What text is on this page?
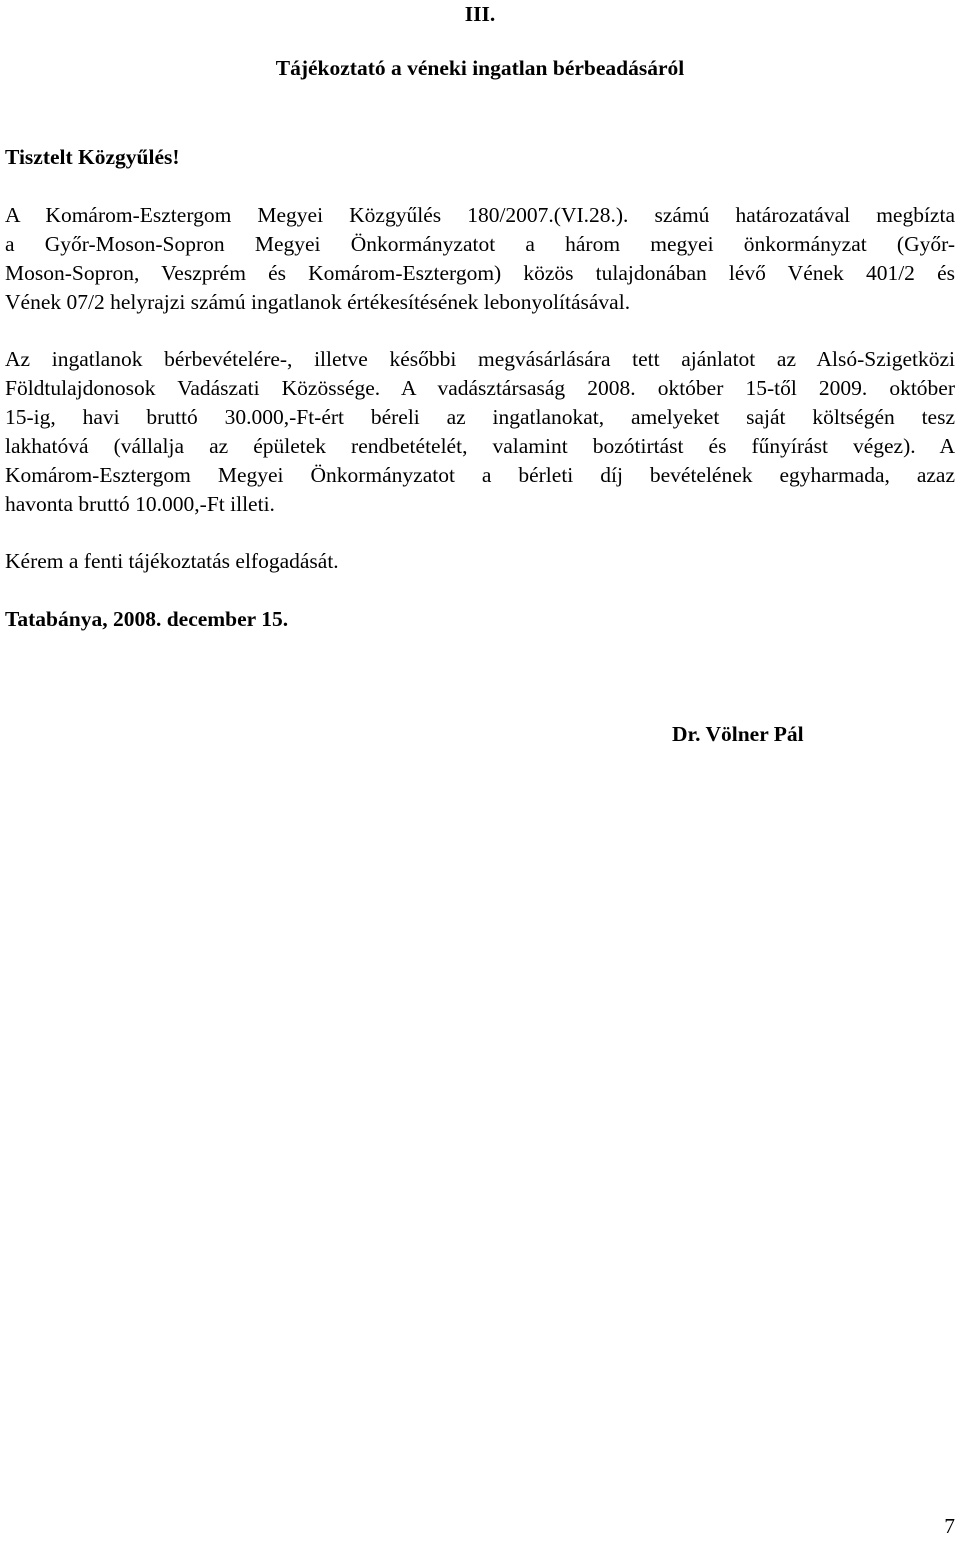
III.
Tájékoztató a véneki ingatlan bérbeadásáról
Tisztelt Közgyűlés!
A Komárom-Esztergom Megyei Közgyűlés 180/2007.(VI.28.). számú határozatával megbízta
a Győr-Moson-Sopron Megyei Önkormányzatot a három megyei önkormányzat (Győr-
Moson-Sopron, Veszprém és Komárom-Esztergom) közös tulajdonában lévő Vének 401/2 és
Vének 07/2 helyrajzi számú ingatlanok értékesítésének lebonyolításával.
Az ingatlanok bérbevételére-, illetve későbbi megvásárlására tett ajánlatot az Alsó-Szigetközi
Földtulajdonosok Vadászati Közössége. A vadásztársaság 2008. október 15-től 2009. október
15-ig, havi bruttó 30.000,-Ft-ért béreli az ingatlanokat, amelyeket saját költségén tesz
lakhatóvá (vállalja az épületek rendbetételét, valamint bozótirtást és fűnyírást végez). A
Komárom-Esztergom Megyei Önkormányzatot a bérleti díj bevételének egyharmada, azaz
havonta bruttó 10.000,-Ft illeti.
Kérem a fenti tájékoztatás elfogadását.
Tatabánya, 2008. december 15.
Dr. Völner Pál
7
